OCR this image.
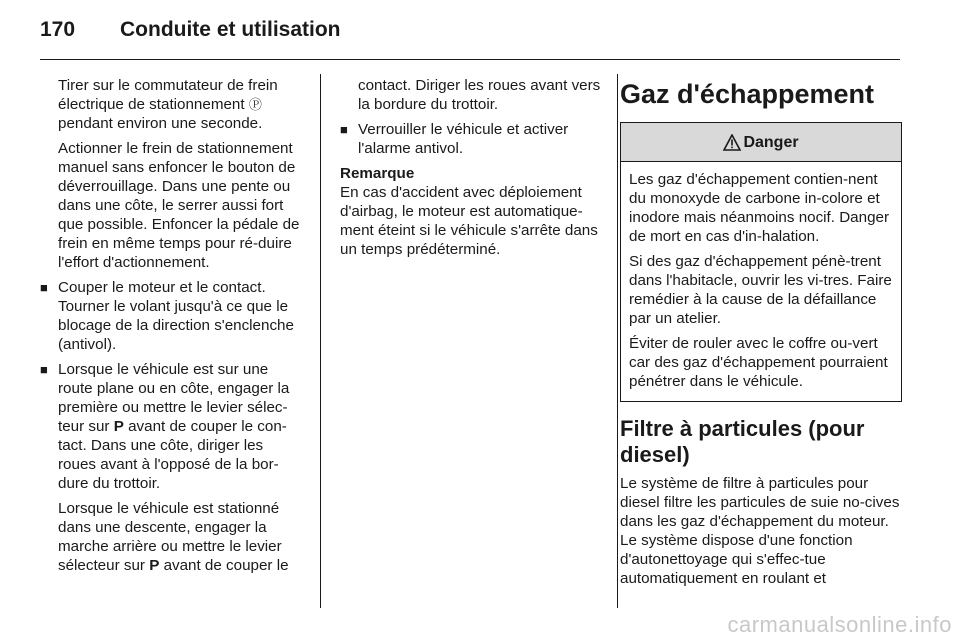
170	Conduite et utilisation

Tirer sur le commutateur de frein électrique de stationnement Ⓟ pendant environ une seconde.

Actionner le frein de stationnement manuel sans enfoncer le bouton de déverrouillage. Dans une pente ou dans une côte, le serrer aussi fort que possible. Enfoncer la pédale de frein en même temps pour ré-duire l'effort d'actionnement.

■ Couper le moteur et le contact. Tourner le volant jusqu'à ce que le blocage de la direction s'enclenche (antivol).
■ Lorsque le véhicule est sur une route plane ou en côte, engager la première ou mettre le levier sélec-teur sur P avant de couper le con-tact. Dans une côte, diriger les roues avant à l'opposé de la bor-dure du trottoir.

Lorsque le véhicule est stationné dans une descente, engager la marche arrière ou mettre le levier sélecteur sur P avant de couper le

contact. Diriger les roues avant vers la bordure du trottoir.

■ Verrouiller le véhicule et activer l'alarme antivol.

Remarque

En cas d'accident avec déploiement d'airbag, le moteur est automatique-ment éteint si le véhicule s'arrête dans un temps prédéterminé.

Gaz d'échappement
Danger

Les gaz d'échappement contien-nent du monoxyde de carbone in-colore et inodore mais néanmoins nocif. Danger de mort en cas d'in-halation.

Si des gaz d'échappement pénè-trent dans l'habitacle, ouvrir les vi-tres. Faire remédier à la cause de la défaillance par un atelier.

Éviter de rouler avec le coffre ou-vert car des gaz d'échappement pourraient pénétrer dans le véhicule.

Filtre à particules (pour diesel)

Le système de filtre à particules pour diesel filtre les particules de suie no-cives dans les gaz d'échappement du moteur. Le système dispose d'une fonction d'autonettoyage qui s'effec-tue automatiquement en roulant et

carmanualsonline.info
